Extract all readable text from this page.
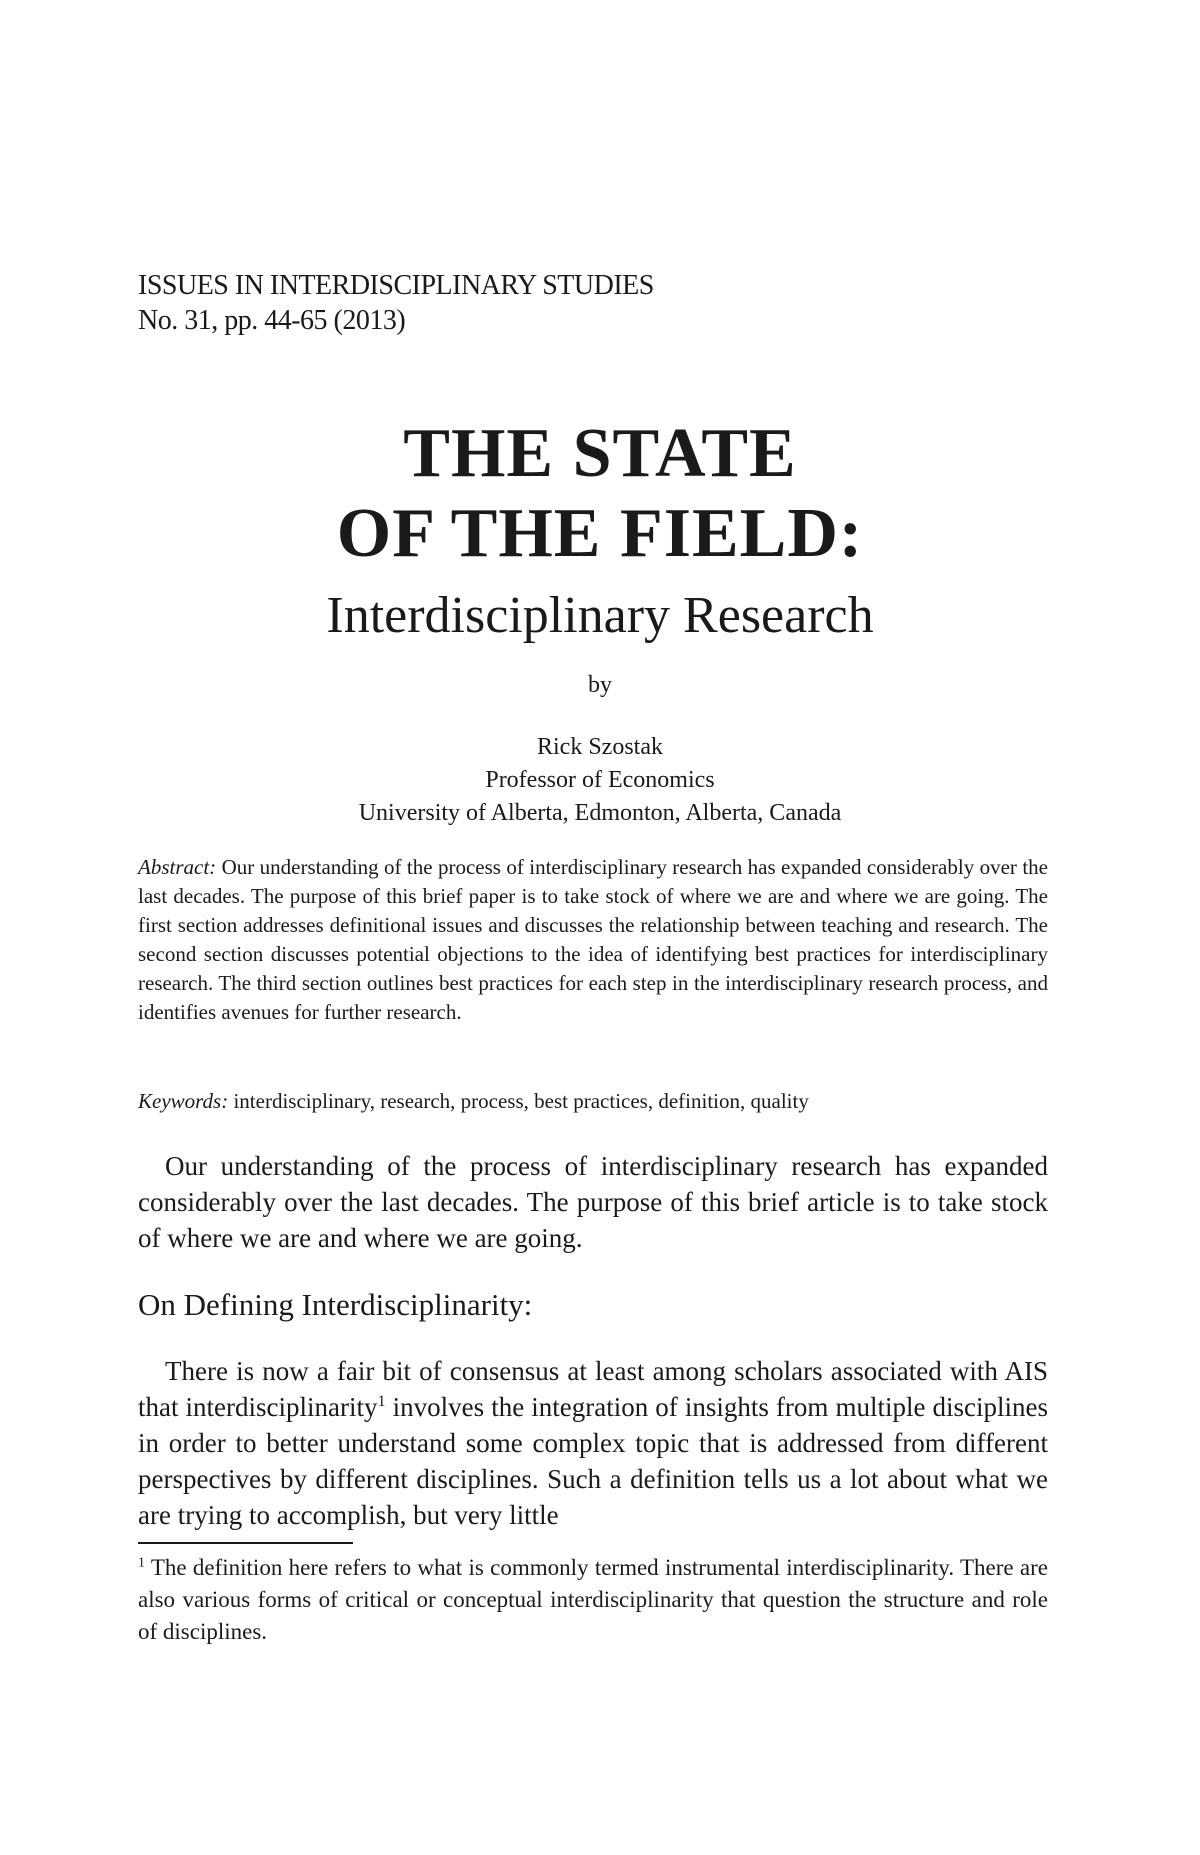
ISSUES IN INTERDISCIPLINARY STUDIES
No. 31, pp. 44-65 (2013)
THE STATE
OF THE FIELD:
Interdisciplinary Research
by
Rick Szostak
Professor of Economics
University of Alberta, Edmonton, Alberta, Canada
Abstract: Our understanding of the process of interdisciplinary research has expanded considerably over the last decades. The purpose of this brief paper is to take stock of where we are and where we are going. The first section addresses definitional issues and discusses the relationship between teaching and research. The second section discusses potential objections to the idea of identifying best practices for interdisciplinary research. The third section outlines best practices for each step in the interdisciplinary research process, and identifies avenues for further research.
Keywords: interdisciplinary, research, process, best practices, definition, quality
Our understanding of the process of interdisciplinary research has expanded considerably over the last decades. The purpose of this brief article is to take stock of where we are and where we are going.
On Defining Interdisciplinarity:
There is now a fair bit of consensus at least among scholars associated with AIS that interdisciplinarity$^1$ involves the integration of insights from multiple disciplines in order to better understand some complex topic that is addressed from different perspectives by different disciplines. Such a definition tells us a lot about what we are trying to accomplish, but very little
$^1$ The definition here refers to what is commonly termed instrumental interdisciplinarity. There are also various forms of critical or conceptual interdisciplinarity that question the structure and role of disciplines.
